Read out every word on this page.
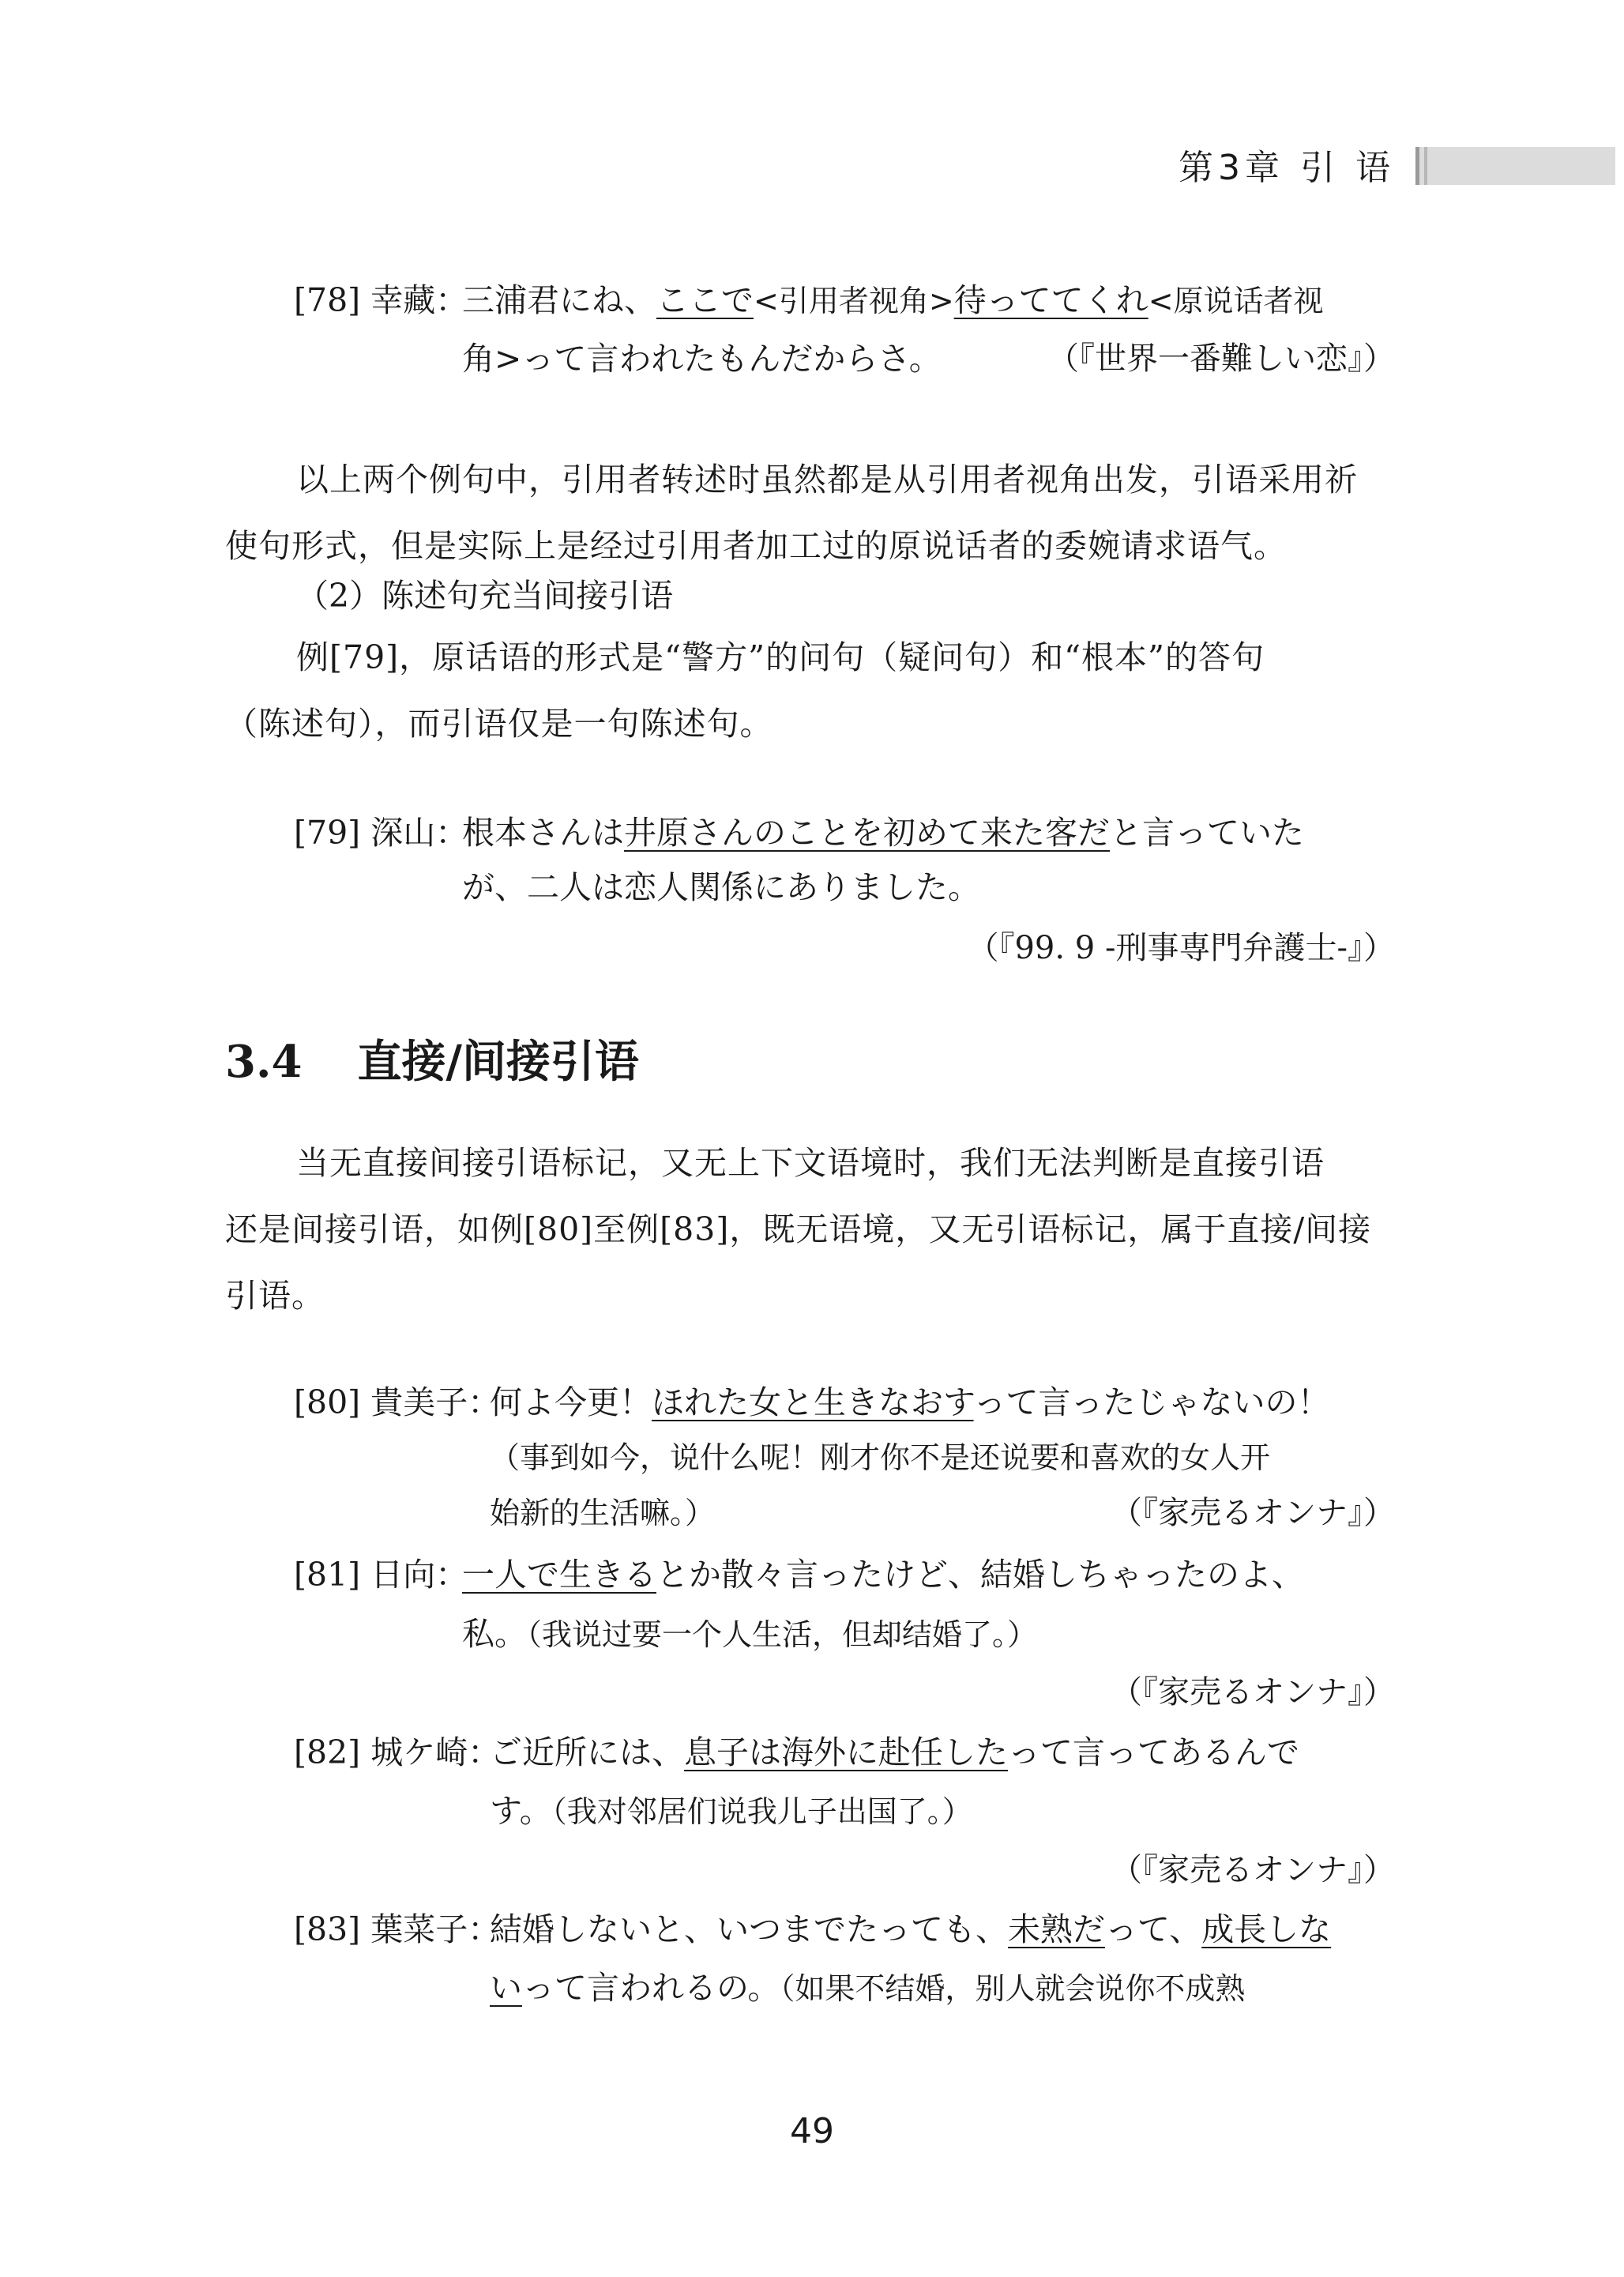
第3章 引 语
[78] 幸藏：
三浦君にね、ここで<引用者视角>待っててくれ<原说话者视
角>って言われたもんだからさ。	（『世界一番難しい恋』）
以上两个例句中，引用者转述时虽然都是从引用者视角出发，引语采用祈
使句形式，但是实际上是经过引用者加工过的原说话者的委婉请求语气。
（2）陈述句充当间接引语
例[79]，原话语的形式是“警方”的问句（疑问句）和“根本”的答句
（陈述句），而引语仅是一句陈述句。
[79] 深山：
根本さんは井原さんのことを初めて来た客だと言っていた
が、二人は恋人関係にありました。
（『99. 9 -刑事専門弁護士-』）
3.4 直接/间接引语
当无直接间接引语标记，又无上下文语境时，我们无法判断是直接引语
还是间接引语，如例[80]至例[83]，既无语境，又无引语标记，属于直接/间接
引语。
[80] 貴美子：
何よ今更！ほれた女と生きなおすって言ったじゃないの！
（事到如今，说什么呢！刚才你不是还说要和喜欢的女人开
始新的生活嘛。）	（『家売るオンナ』）
[81] 日向：
一人で生きるとか散々言ったけど、結婚しちゃったのよ、
私。（我说过要一个人生活，但却结婚了。）
（『家売るオンナ』）
[82] 城ケ崎：
ご近所には、息子は海外に赴任したって言ってあるんで
す。（我对邻居们说我儿子出国了。）
（『家売るオンナ』）
[83] 葉菜子：
結婚しないと、いつまでたっても、未熟だって、成長しな
いって言われるの。（如果不结婚，别人就会说你不成熟
49
